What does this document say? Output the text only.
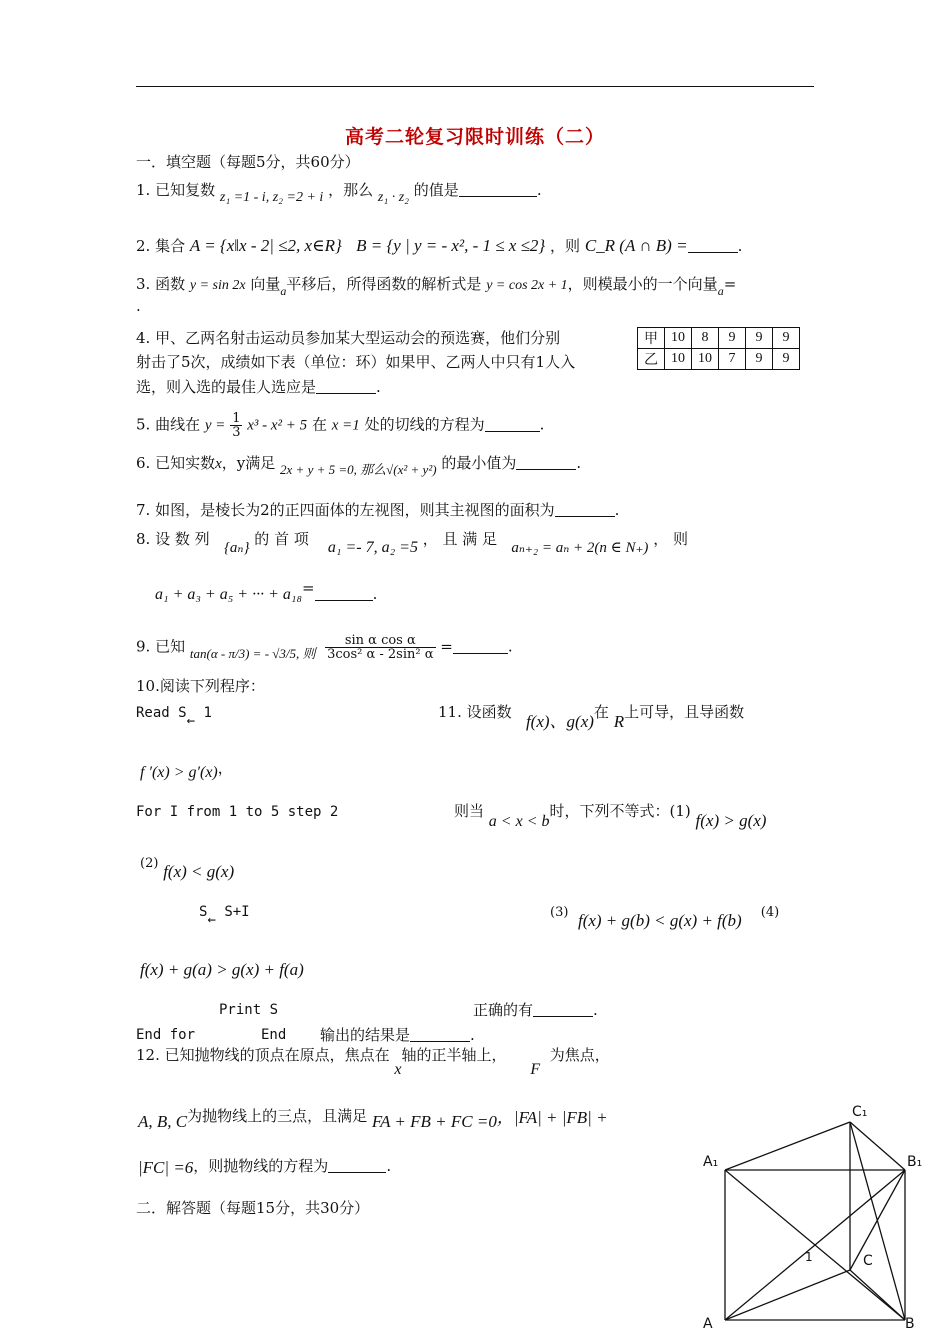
高考二轮复习限时训练（二）
一．填空题（每题5分，共60分）
1. 已知复数 z₁ =1 - i, z₂ =2 + i ，那么 z₁ · z₂ 的值是	.
2. 集合 A = {x‖x - 2| ≤2, x∈R} B = {y | y = - x², - 1 ≤ x ≤2} ，则 C_R (A ∩ B) =	.
3. 函数 y = sin 2x 向量$_a$平移后，所得函数的解析式是 y = cos 2x + 1，则模最小的一个向量$_a$=
.
4. 甲、乙两名射击运动员参加某大型运动会的预选赛，他们分别
射击了5次，成绩如下表（单位：环）如果甲、乙两人中只有1人入
选，则入选的最佳人选应是	.
甲	10	8	9	9	9
乙	10	10	7	9	9
5. 曲线在 $y = \frac{1}{3} x^3 - x^2 + 5$ 在 x =1 处的切线的方程为	.
6. 已知实数x，y满足 2x + y + 5 =0, 那么√(x² + y²) 的最小值为	.
7. 如图，是棱长为2的正四面体的左视图，则其主视图的面积为	.
8. 设 数 列 {aₙ} 的 首 项 a₁ =- 7, a₂ =5 ， 且 满 足 aₙ₊₂ = aₙ + 2(n ∈ N₊) ， 则
a₁ + a₃ + a₅ + ··· + a₁₈=	.
9. 已知 tan(α - π/3) = - √3/5, 则 $\frac{\text{sin α cos α}}{\text{3cos² α - 2sin² α}}$ =	.
10.阅读下列程序：
Read S← 1	11. 设函数 f(x)、g(x)在 R上可导，且导函数
f ′(x) > g′(x)，
For I from 1 to 5 step 2	则当 a < x < b时，下列不等式：(1) f(x) > g(x)
(2) f(x) < g(x)
S← S+I	(3) f(x) + g(b) < g(x) + f(b) (4)
f(x) + g(a) > g(x) + f(a)
Print S	正确的有	.
End for	End 输出的结果是	.
12. 已知抛物线的顶点在原点，焦点在 x轴的正半轴上，     F  为焦点，
A, B, C为抛物线上的三点，且满足 FA + FB + FC =0，|FA| + |FB| +
|FC| =6，则抛物线的方程为	.
二．解答题（每题15分，共30分）
A₁	B₁
C₁
A	B
C
1
